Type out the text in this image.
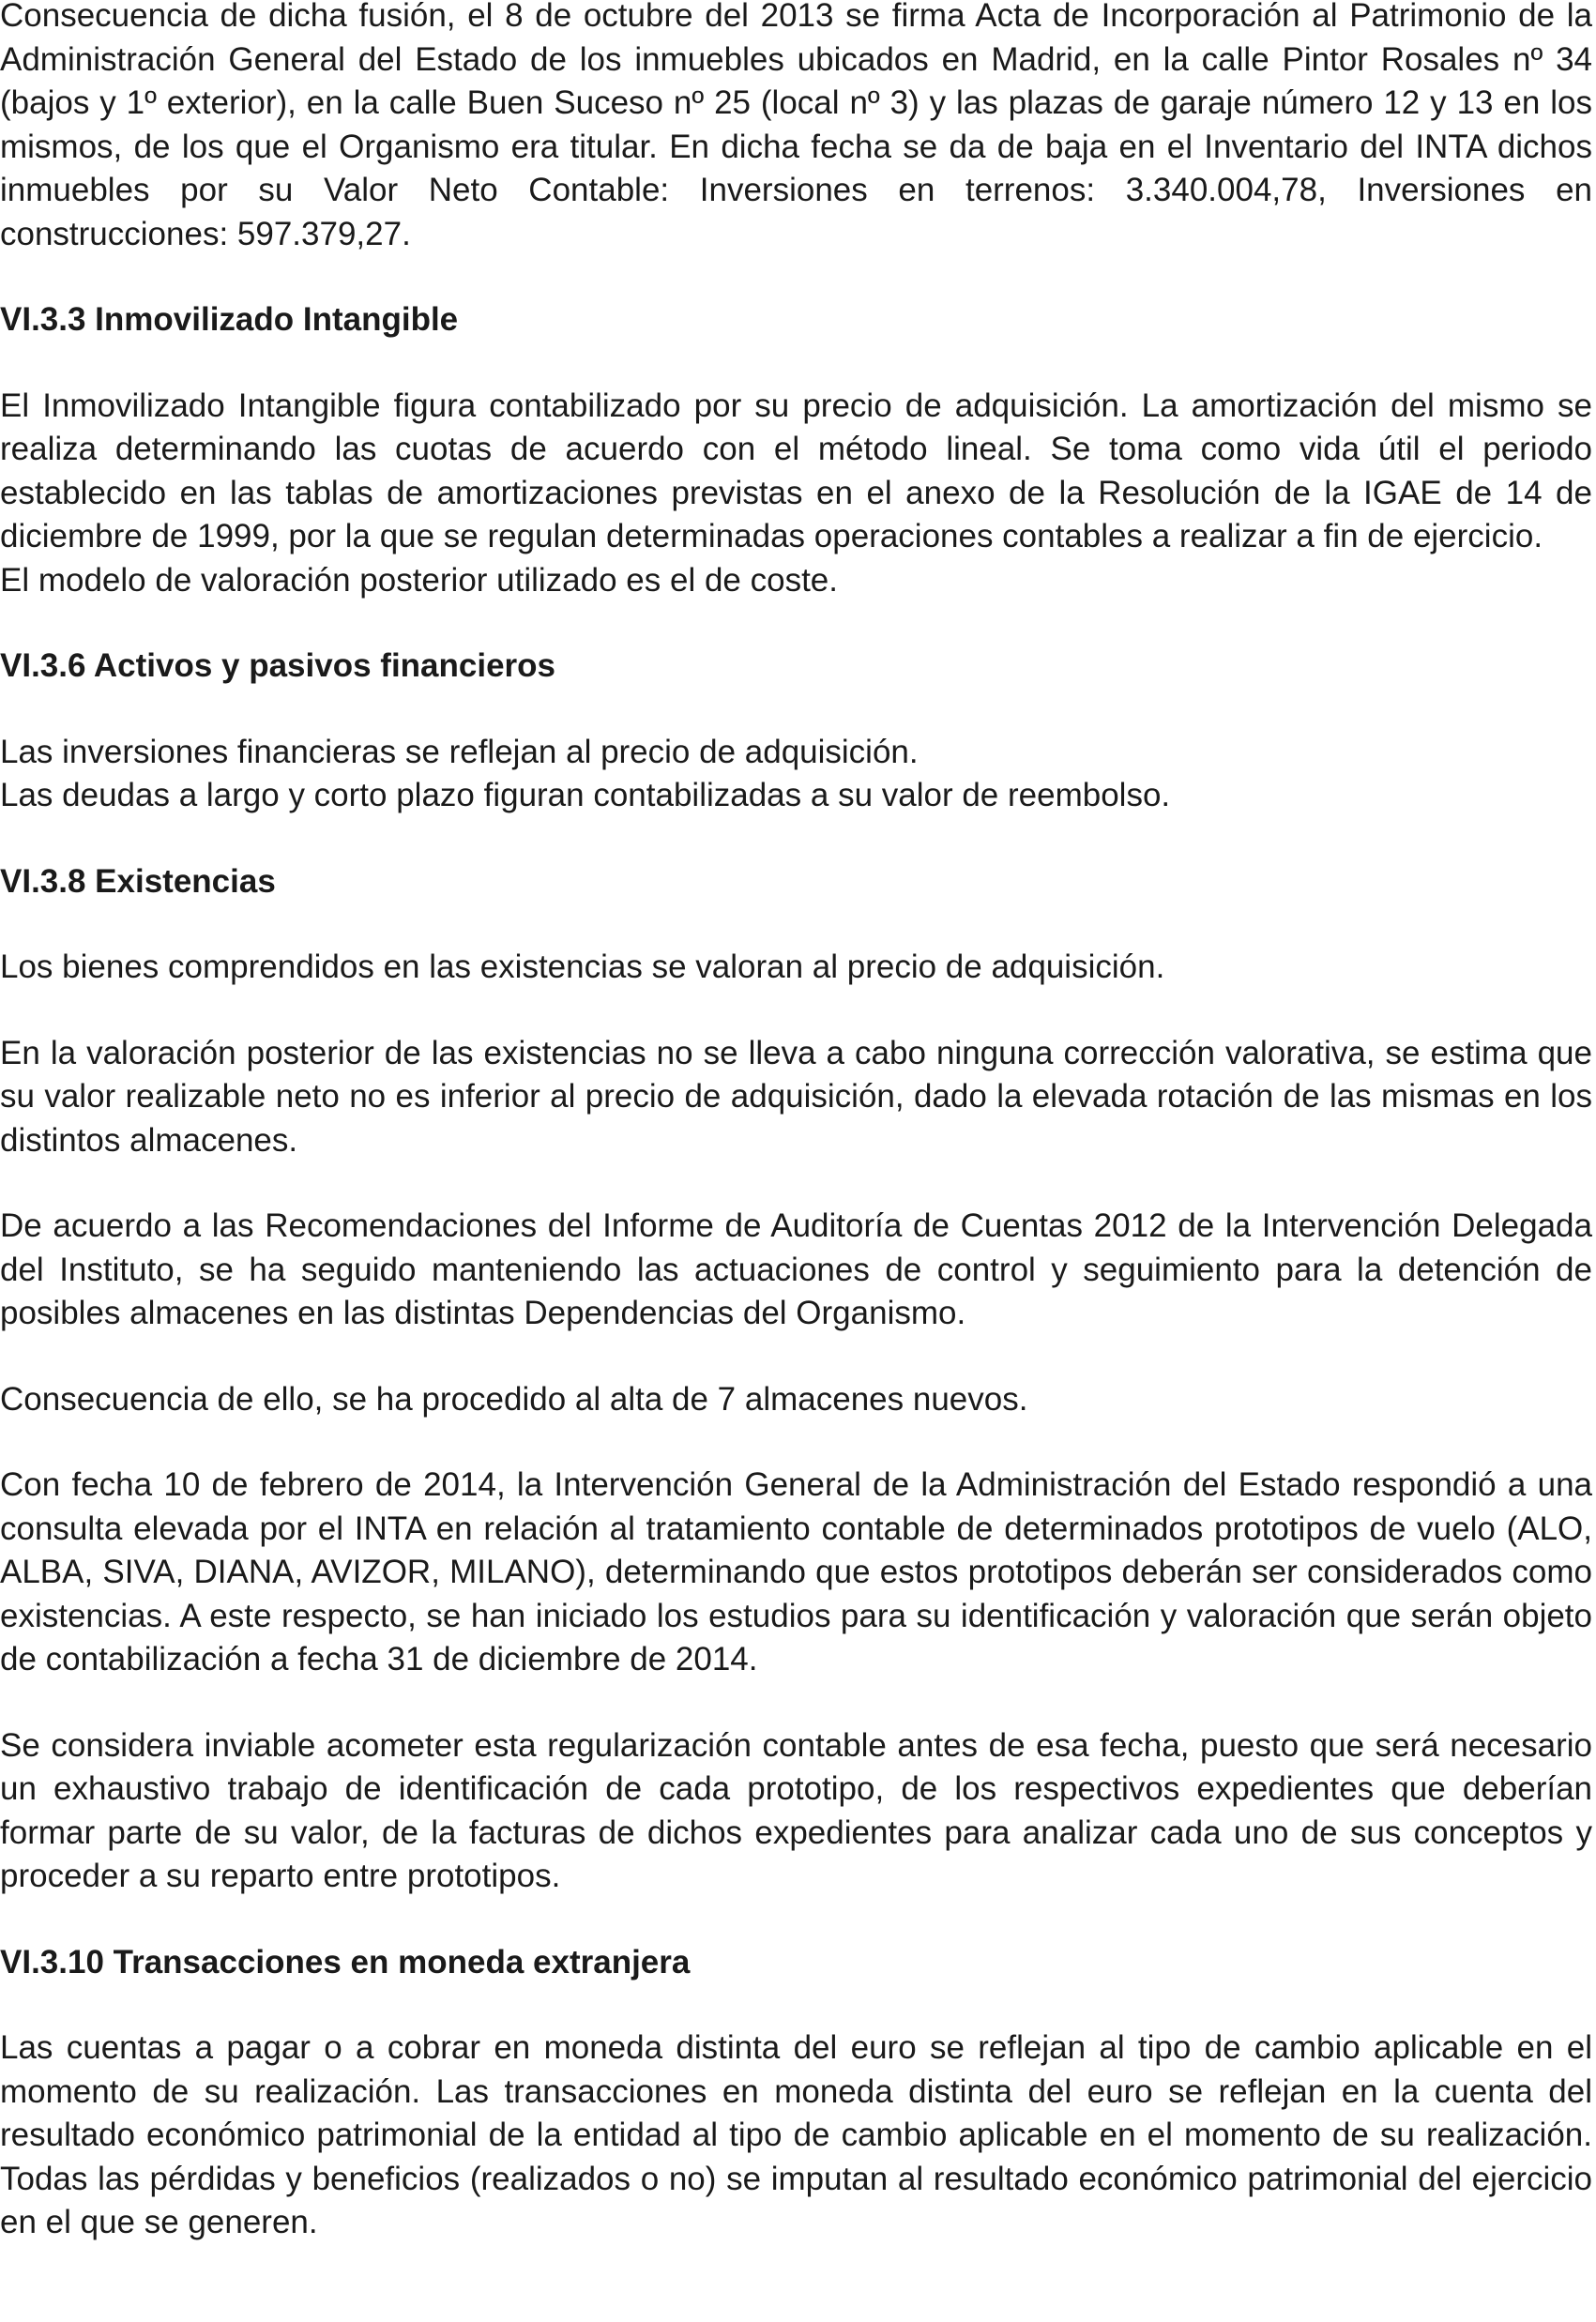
Consecuencia de dicha fusión, el 8 de octubre del 2013 se firma Acta de Incorporación al Patrimonio de la Administración General del Estado de los inmuebles ubicados en Madrid, en la calle Pintor Rosales nº 34 (bajos y 1º exterior), en la calle Buen Suceso nº 25 (local nº 3) y las plazas de garaje número 12 y 13 en los mismos, de los que el Organismo era titular. En dicha fecha se da de baja en el Inventario del INTA dichos inmuebles por su Valor Neto Contable: Inversiones en terrenos: 3.340.004,78, Inversiones en construcciones: 597.379,27.

VI.3.3 Inmovilizado Intangible

El Inmovilizado Intangible figura contabilizado por su precio de adquisición. La amortización del mismo se realiza determinando las cuotas de acuerdo con el método lineal. Se toma como vida útil el periodo establecido en las tablas de amortizaciones previstas en el anexo de la Resolución de la IGAE de 14 de diciembre de 1999, por la que se regulan determinadas operaciones contables a realizar a fin de ejercicio.

El modelo de valoración posterior utilizado es el de coste.

VI.3.6 Activos y pasivos financieros

Las inversiones financieras se reflejan al precio de adquisición.

Las deudas a largo y corto plazo figuran contabilizadas a su valor de reembolso.

VI.3.8 Existencias

Los bienes comprendidos en las existencias se valoran al precio de adquisición.

En la valoración posterior de las existencias no se lleva a cabo ninguna corrección valorativa, se estima que su valor realizable neto no es inferior al precio de adquisición, dado la elevada rotación de las mismas en los distintos almacenes.

De acuerdo a las Recomendaciones del Informe de Auditoría de Cuentas 2012 de la Intervención Delegada del Instituto, se ha seguido manteniendo las actuaciones de control y seguimiento para la detención de posibles almacenes en las distintas Dependencias del Organismo.

Consecuencia de ello, se ha procedido al alta de 7 almacenes nuevos.

Con fecha 10 de febrero de 2014, la Intervención General de la Administración del Estado respondió a una consulta elevada por el INTA en relación al tratamiento contable de determinados prototipos de vuelo (ALO, ALBA, SIVA, DIANA, AVIZOR, MILANO), determinando que estos prototipos deberán ser considerados como existencias. A este respecto, se han iniciado los estudios para su identificación y valoración que serán objeto de contabilización a fecha 31 de diciembre de 2014.

Se considera inviable acometer esta regularización contable antes de esa fecha, puesto que será necesario un exhaustivo trabajo de identificación de cada prototipo, de los respectivos expedientes que deberían formar parte de su valor, de la facturas de dichos expedientes para analizar cada uno de sus conceptos y proceder a su reparto entre prototipos.

VI.3.10 Transacciones en moneda extranjera

Las cuentas a pagar o a cobrar en moneda distinta del euro se reflejan al tipo de cambio aplicable en el momento de su realización. Las transacciones en moneda distinta del euro se reflejan en la cuenta del resultado económico patrimonial de la entidad al tipo de cambio aplicable en el momento de su realización. Todas las pérdidas y beneficios (realizados o no) se imputan al resultado económico patrimonial del ejercicio en el que se generen.
